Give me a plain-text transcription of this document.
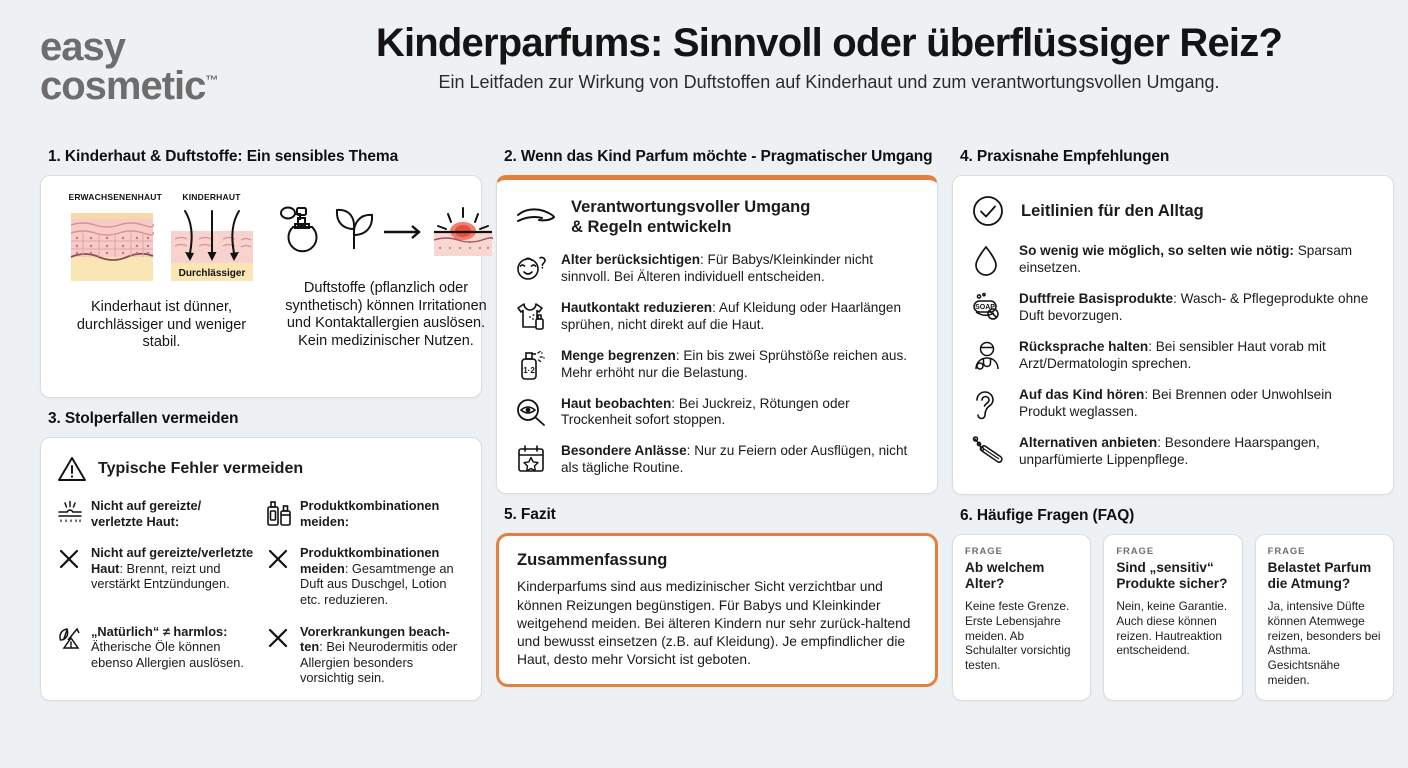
easy
cosmetic™
Kinderparfums: Sinnvoll oder überflüssiger Reiz?
Ein Leitfaden zur Wirkung von Duftstoffen auf Kinderhaut und zum verantwortungsvollen Umgang.
1. Kinderhaut & Duftstoffe: Ein sensibles Thema
ERWACHSENENHAUT	KINDERHAUT
Durchlässiger
Kinderhaut ist dünner, durchlässiger und weniger stabil.
Duftstoffe (pflanzlich oder synthetisch) können Irritationen und Kontaktallergien auslösen. Kein medizinischer Nutzen.
3. Stolperfallen vermeiden
Typische Fehler vermeiden
Nicht auf gereizte/ verletzte Haut:
Produktkombinationen meiden:
Nicht auf gereizte/verletzte Haut: Brennt, reizt und verstärkt Entzündungen.
Produktkombinationen meiden: Gesamtmenge an Duft aus Duschgel, Lotion etc. reduzieren.
„Natürlich“ ≠ harmlos: Ätherische Öle können ebenso Allergien auslösen.
Vorerkrankungen beach-ten: Bei Neurodermitis oder Allergien besonders vorsichtig sein.
2. Wenn das Kind Parfum möchte - Pragmatischer Umgang
Verantwortungsvoller Umgang
& Regeln entwickeln
Alter berücksichtigen: Für Babys/Kleinkinder nicht sinnvoll. Bei Älteren individuell entscheiden.
Hautkontakt reduzieren: Auf Kleidung oder Haarlängen sprühen, nicht direkt auf die Haut.
1·2
Menge begrenzen: Ein bis zwei Sprühstöße reichen aus. Mehr erhöht nur die Belastung.
Haut beobachten: Bei Juckreiz, Rötungen oder Trockenheit sofort stoppen.
Besondere Anlässe: Nur zu Feiern oder Ausflügen, nicht als tägliche Routine.
5. Fazit
Zusammenfassung
Kinderparfums sind aus medizinischer Sicht verzichtbar und können Reizungen begünstigen. Für Babys und Kleinkinder weitgehend meiden. Bei älteren Kindern nur sehr zurück-haltend und bewusst einsetzen (z.B. auf Kleidung). Je empfindlicher die Haut, desto mehr Vorsicht ist geboten.
4. Praxisnahe Empfehlungen
Leitlinien für den Alltag
So wenig wie möglich, so selten wie nötig: Sparsam einsetzen.
SOAP
Duftfreie Basisprodukte: Wasch- & Pflegeprodukte ohne Duft bevorzugen.
Rücksprache halten: Bei sensibler Haut vorab mit Arzt/Dermatologin sprechen.
Auf das Kind hören: Bei Brennen oder Unwohlsein Produkt weglassen.
Alternativen anbieten: Besondere Haarspangen, unparfümierte Lippenpflege.
6. Häufige Fragen (FAQ)
FRAGE
Ab welchem Alter?
Keine feste Grenze. Erste Lebensjahre meiden. Ab Schulalter vorsichtig testen.
FRAGE
Sind „sensitiv“ Produkte sicher?
Nein, keine Garantie. Auch diese können reizen. Hautreaktion entscheidend.
FRAGE
Belastet Parfum die Atmung?
Ja, intensive Düfte können Atemwege reizen, besonders bei Asthma. Gesichtsnähe meiden.
